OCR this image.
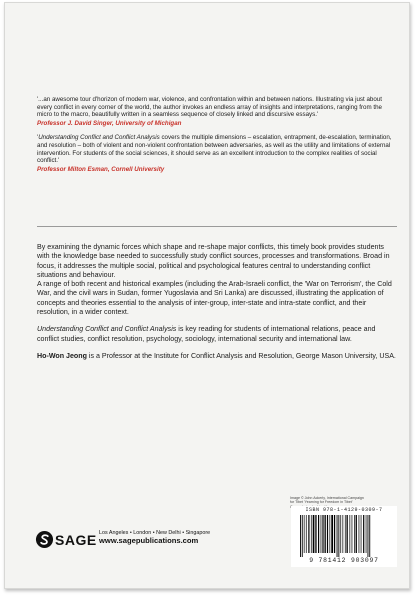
'...an awesome tour d'horizon of modern war, violence, and confrontation within and between nations. Illustrating via just about every conflict in every corner of the world, the author invokes an endless array of insights and interpretations, ranging from the micro to the macro, beautifully written in a seamless sequence of closely linked and discursive essays.'

Professor J. David Singer, University of Michigan

'Understanding Conflict and Conflict Analysis covers the multiple dimensions – escalation, entrapment, de-escalation, termination, and resolution – both of violent and non-violent confrontation between adversaries, as well as the utility and limitations of external intervention. For students of the social sciences, it should serve as an excellent introduction to the complex realities of social conflict.'

Professor Milton Esman, Cornell University

By examining the dynamic forces which shape and re-shape major conflicts, this timely book provides students with the knowledge base needed to successfully study conflict sources, processes and transformations. Broad in focus, it addresses the multiple social, political and psychological features central to understanding conflict situations and behaviour.

A range of both recent and historical examples (including the Arab-Israeli conflict, the 'War on Terrorism', the Cold War, and the civil wars in Sudan, former Yugoslavia and Sri Lanka) are discussed, illustrating the application of concepts and theories essential to the analysis of inter-group, inter-state and intra-state conflict, and their resolution, in a wider context.

Understanding Conflict and Conflict Analysis is key reading for students of international relations, peace and conflict studies, conflict resolution, psychology, sociology, international security and international law.

Ho-Won Jeong is a Professor at the Institute for Conflict Analysis and Resolution, George Mason University, USA.

Image © John Ackerly, International Campaign
for Tibet 'Yearning for Freedom in Tibet'
ISBN 978-1-4129-0309-7
9 781412 903097
SAGE Los Angeles • London • New Delhi • Singapore
www.sagepublications.com
